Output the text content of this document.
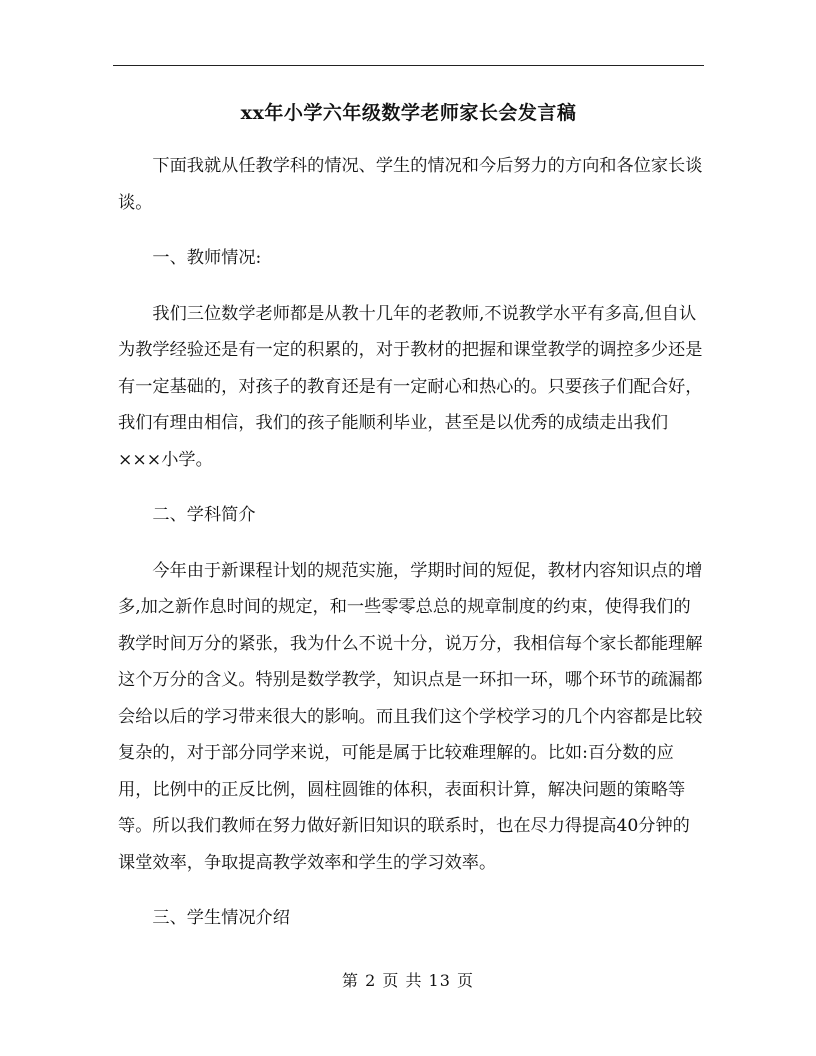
xx年小学六年级数学老师家长会发言稿

下面我就从任教学科的情况、学生的情况和今后努力的方向和各位家长谈谈。

一、教师情况:

我们三位数学老师都是从教十几年的老教师,不说教学水平有多高,但自认为教学经验还是有一定的积累的，对于教材的把握和课堂教学的调控多少还是有一定基础的，对孩子的教育还是有一定耐心和热心的。只要孩子们配合好，我们有理由相信，我们的孩子能顺利毕业，甚至是以优秀的成绩走出我们×××小学。

二、学科简介

今年由于新课程计划的规范实施，学期时间的短促，教材内容知识点的增多,加之新作息时间的规定，和一些零零总总的规章制度的约束，使得我们的教学时间万分的紧张，我为什么不说十分，说万分，我相信每个家长都能理解这个万分的含义。特别是数学教学，知识点是一环扣一环，哪个环节的疏漏都会给以后的学习带来很大的影响。而且我们这个学校学习的几个内容都是比较复杂的，对于部分同学来说，可能是属于比较难理解的。比如:百分数的应用，比例中的正反比例，圆柱圆锥的体积，表面积计算，解决问题的策略等等。所以我们教师在努力做好新旧知识的联系时，也在尽力得提高40分钟的课堂效率，争取提高教学效率和学生的学习效率。

三、学生情况介绍

第 2 页 共 13 页
